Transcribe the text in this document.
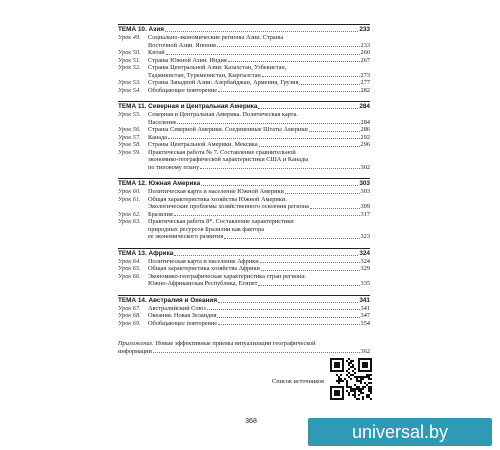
ТЕМА 10. Азия	233
Урок 49.	Социально-экономические регионы Азии. Страны
Восточной Азии. Япония	233
Урок 50.	Китай	260
Урок 51.	Страны Южной Азии. Индия	267
Урок 52.	Страны Центральной Азии: Казахстан, Узбекистан,
Таджикистан, Туркменистан, Кыргызстан	273
Урок 53.	Страны Западной Азии: Азербайджан, Армения, Грузия	277
Урок 54.	Обобщающее повторение	282
ТЕМА 11. Северная и Центральная Америка	284
Урок 55.	Северная и Центральная Америка. Политическая карта.
Население	284
Урок 56.	Страны Северной Америки. Соединенные Штаты Америки	286
Урок 57.	Канада	292
Урок 58.	Страны Центральной Америки. Мексика	296
Урок 59.	Практическая работа № 7. Составление сравнительной
экономико-географической характеристики США и Канады
по типовому плану	302
ТЕМА 12. Южная Америка	303
Урок 60.	Политическая карта и население Южной Америки	303
Урок 61.	Общая характеристика хозяйства Южной Америки.
Экологические проблемы хозяйственного освоения региона	309
Урок 62.	Бразилия	317
Урок 63.	Практическая работа 8*. Составление характеристики
природных ресурсов Бразилии как фактора
ее экономического развития	323
ТЕМА 13. Африка	324
Урок 64.	Политическая карта и население Африки	324
Урок 65.	Общая характеристика хозяйства Африки	329
Урок 66.	Экономико-географическая характеристика стран региона:
Южно-Африканская Республика, Египет	335
ТЕМА 14. Австралия и Океания	341
Урок 67.	Австралийский Союз	341
Урок 68.	Океания. Новая Зеландия	347
Урок 69.	Обобщающее повторение	354
Приложение.
Новые эффективные приемы визуализации географической
информации	362
Список источников
368
universal.by
